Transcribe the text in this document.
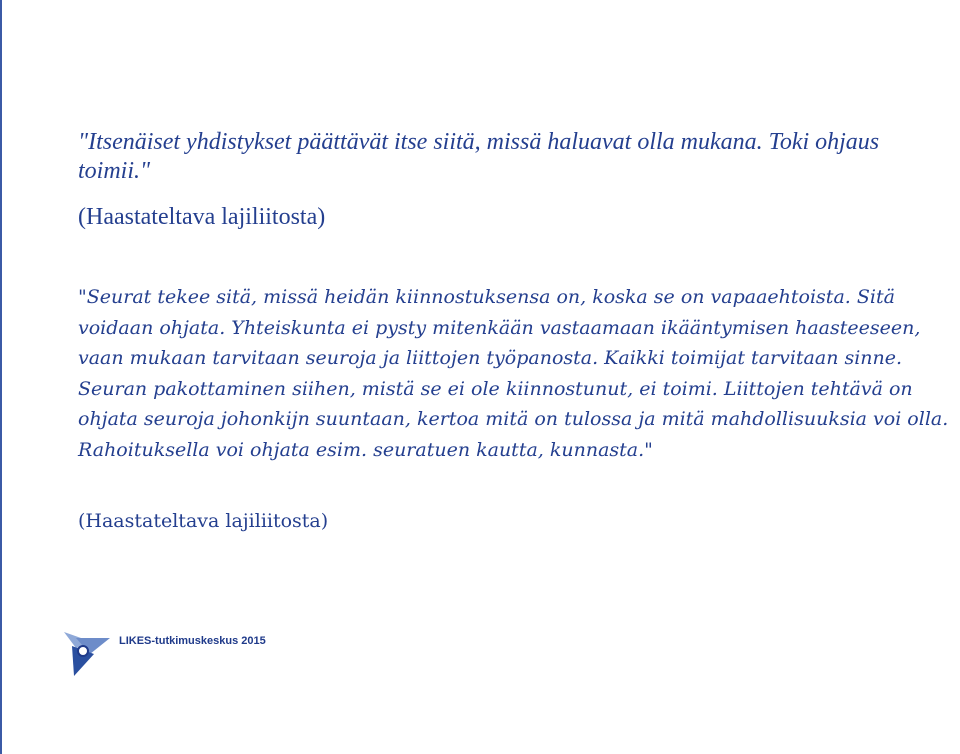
"Itsenäiset yhdistykset päättävät itse siitä, missä haluavat olla mukana. Toki ohjaus toimii."

(Haastateltava lajiliitosta)

"Seurat tekee sitä, missä heidän kiinnostuksensa on, koska se on vapaaehtoista. Sitä voidaan ohjata. Yhteiskunta ei pysty mitenkään vastaamaan ikääntymisen haasteeseen, vaan mukaan tarvitaan seuroja ja liittojen työpanosta. Kaikki toimijat tarvitaan sinne. Seuran pakottaminen siihen, mistä se ei ole kiinnostunut, ei toimi. Liittojen tehtävä on ohjata seuroja johonkijn suuntaan, kertoa mitä on tulossa ja mitä mahdollisuuksia voi olla. Rahoituksella voi ohjata esim. seuratuen kautta, kunnasta."

(Haastateltava lajiliitosta)

LIKES-tutkimuskeskus 2015
